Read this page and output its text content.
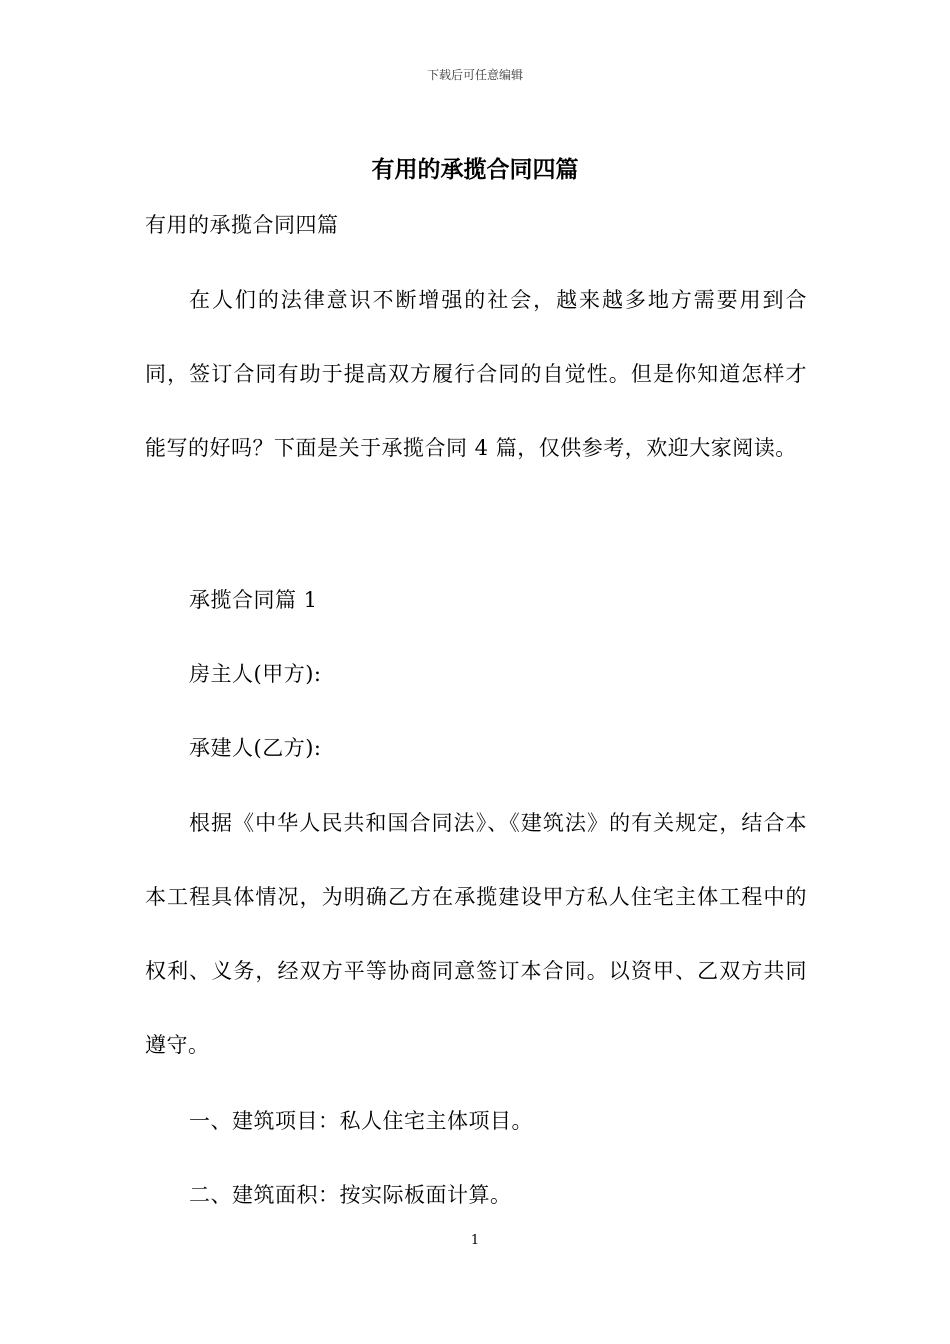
下载后可任意编辑
有用的承揽合同四篇

有用的承揽合同四篇

在人们的法律意识不断增强的社会，越来越多地方需要用到合同，签订合同有助于提高双方履行合同的自觉性。但是你知道怎样才能写的好吗？下面是关于承揽合同 4 篇，仅供参考，欢迎大家阅读。

承揽合同篇 1

房主人(甲方):

承建人(乙方):

根据《中华人民共和国合同法》、《建筑法》的有关规定，结合本本工程具体情况，为明确乙方在承揽建设甲方私人住宅主体工程中的权利、义务，经双方平等协商同意签订本合同。以资甲、乙双方共同遵守。

一、建筑项目：私人住宅主体项目。

二、建筑面积：按实际板面计算。

1
